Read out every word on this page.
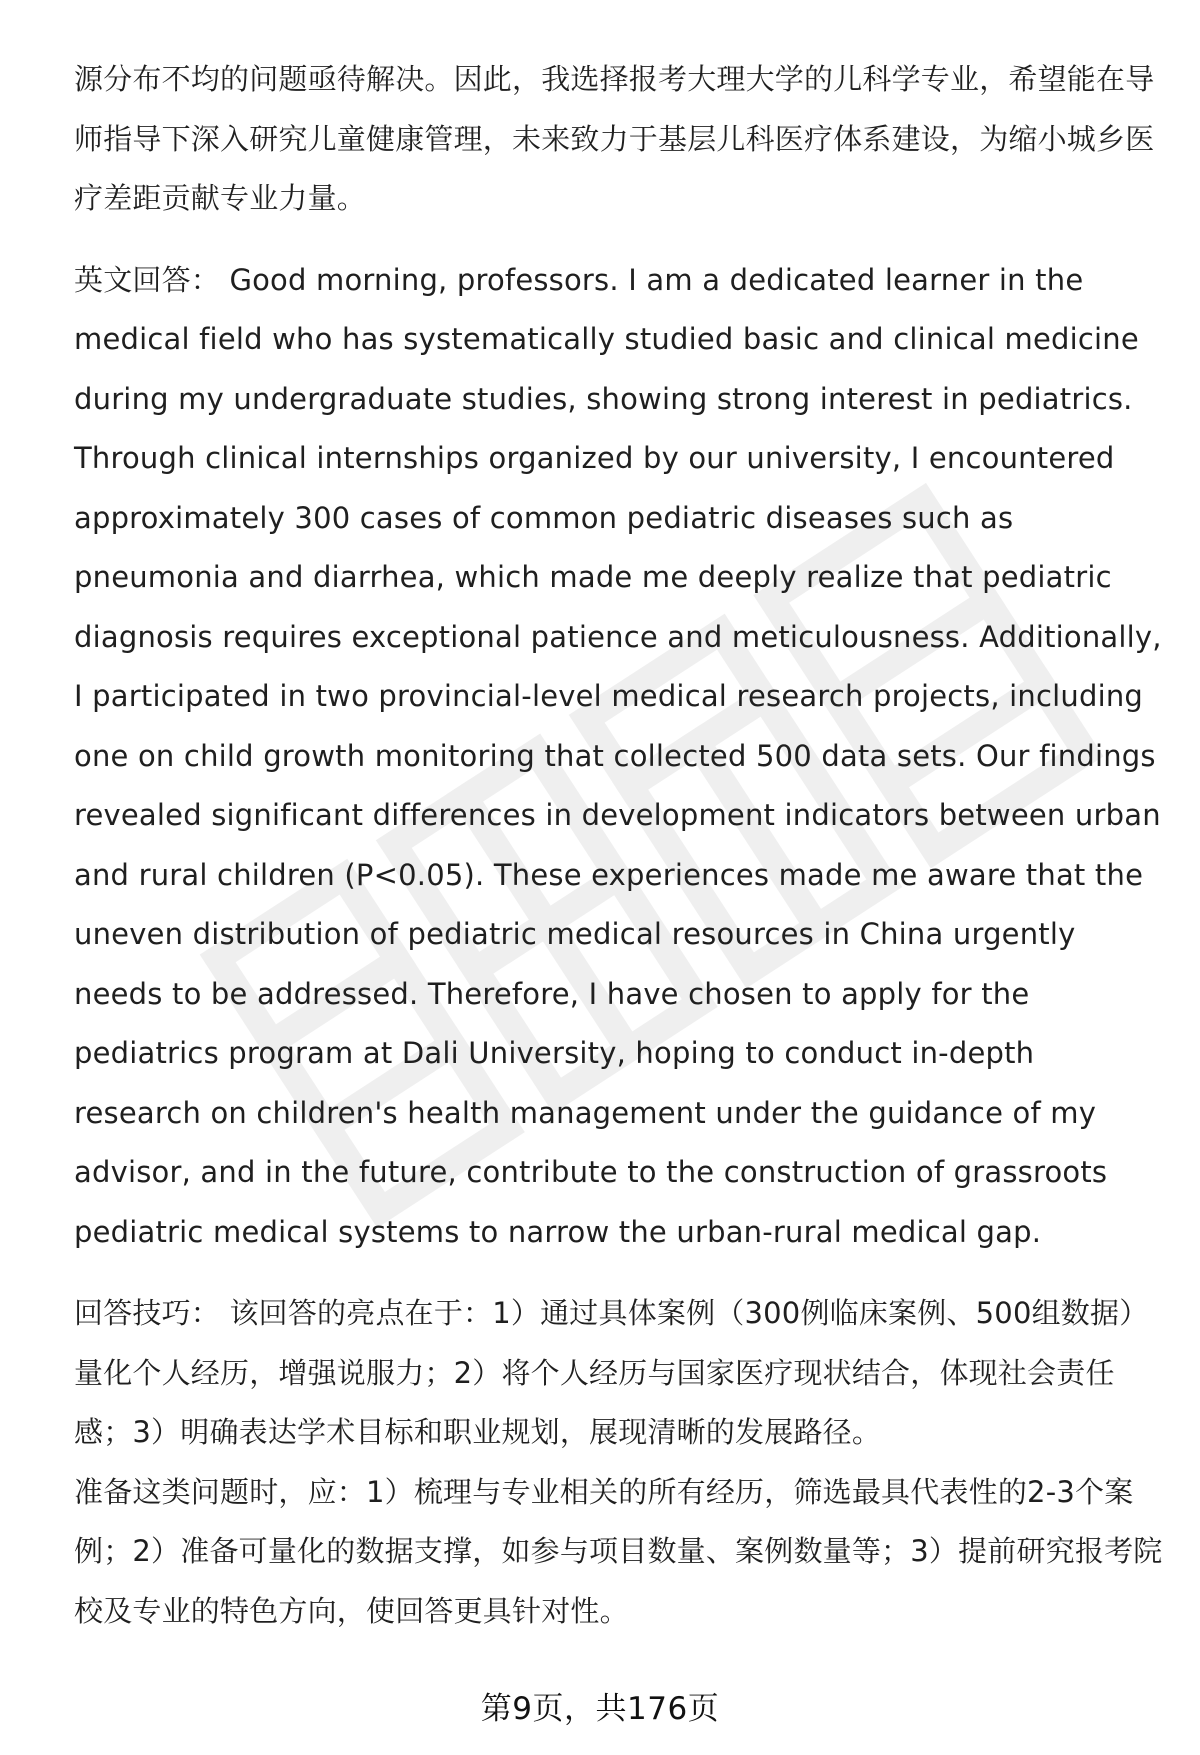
源分布不均的问题亟待解决。因此，我选择报考大理大学的儿科学专业，希望能在导师指导下深入研究儿童健康管理，未来致力于基层儿科医疗体系建设，为缩小城乡医疗差距贡献专业力量。

英文回答： Good morning, professors. I am a dedicated learner in the medical field who has systematically studied basic and clinical medicine during my undergraduate studies, showing strong interest in pediatrics. Through clinical internships organized by our university, I encountered approximately 300 cases of common pediatric diseases such as pneumonia and diarrhea, which made me deeply realize that pediatric diagnosis requires exceptional patience and meticulousness. Additionally, I participated in two provincial-level medical research projects, including one on child growth monitoring that collected 500 data sets. Our findings revealed significant differences in development indicators between urban and rural children (P<0.05). These experiences made me aware that the uneven distribution of pediatric medical resources in China urgently needs to be addressed. Therefore, I have chosen to apply for the pediatrics program at Dali University, hoping to conduct in-depth research on children's health management under the guidance of my advisor, and in the future, contribute to the construction of grassroots pediatric medical systems to narrow the urban-rural medical gap.

回答技巧： 该回答的亮点在于：1）通过具体案例（300例临床案例、500组数据）量化个人经历，增强说服力；2）将个人经历与国家医疗现状结合，体现社会责任感；3）明确表达学术目标和职业规划，展现清晰的发展路径。

准备这类问题时，应：1）梳理与专业相关的所有经历，筛选最具代表性的2-3个案例；2）准备可量化的数据支撑，如参与项目数量、案例数量等；3）提前研究报考院校及专业的特色方向，使回答更具针对性。

第9页，共176页
